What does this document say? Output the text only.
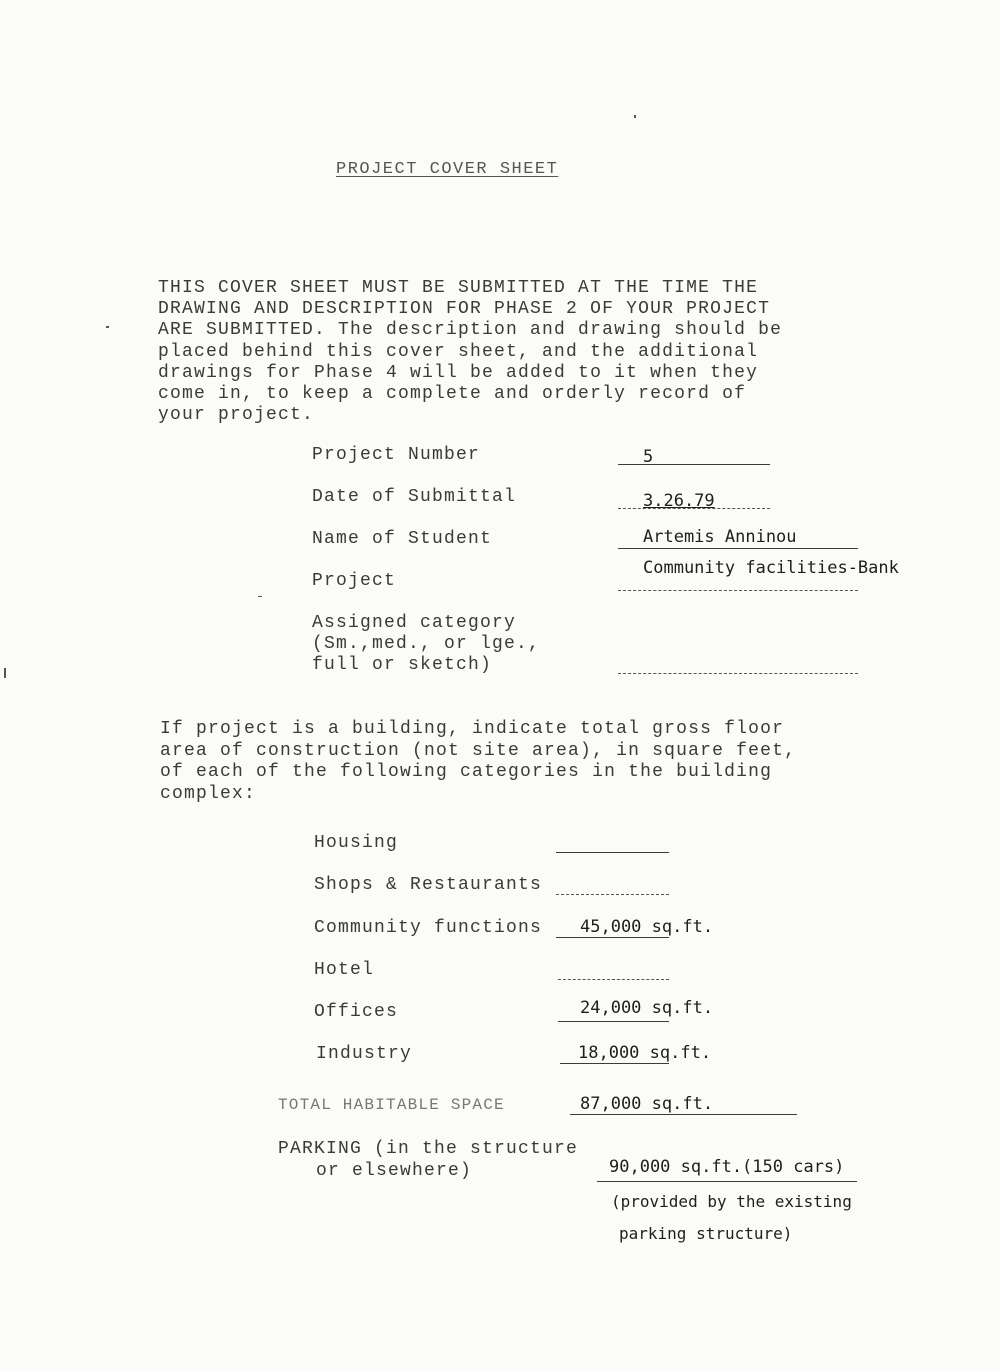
PROJECT COVER SHEET
THIS COVER SHEET MUST BE SUBMITTED AT THE TIME THE
DRAWING AND DESCRIPTION FOR PHASE 2 OF YOUR PROJECT
ARE SUBMITTED. The description and drawing should be
placed behind this cover sheet, and the additional
drawings for Phase 4 will be added to it when they
come in, to keep a complete and orderly record of
your project.
Project Number	5
Date of Submittal	3.26.79
Name of Student	Artemis Anninou
Project
Community facilities-Bank
Assigned category
(Sm.,med., or lge.,
full or sketch)
If project is a building, indicate total gross floor
area of construction (not site area), in square feet,
of each of the following categories in the building
complex:
Housing
Shops & Restaurants
Community functions 45,000 sq.ft.
Hotel
Offices	24,000 sq.ft.
Industry	18,000 sq.ft.
TOTAL HABITABLE SPACE	87,000 sq.ft.
PARKING (in the structure
or elsewhere)	90,000 sq.ft.(150 cars)
(provided by the existing
parking structure)
